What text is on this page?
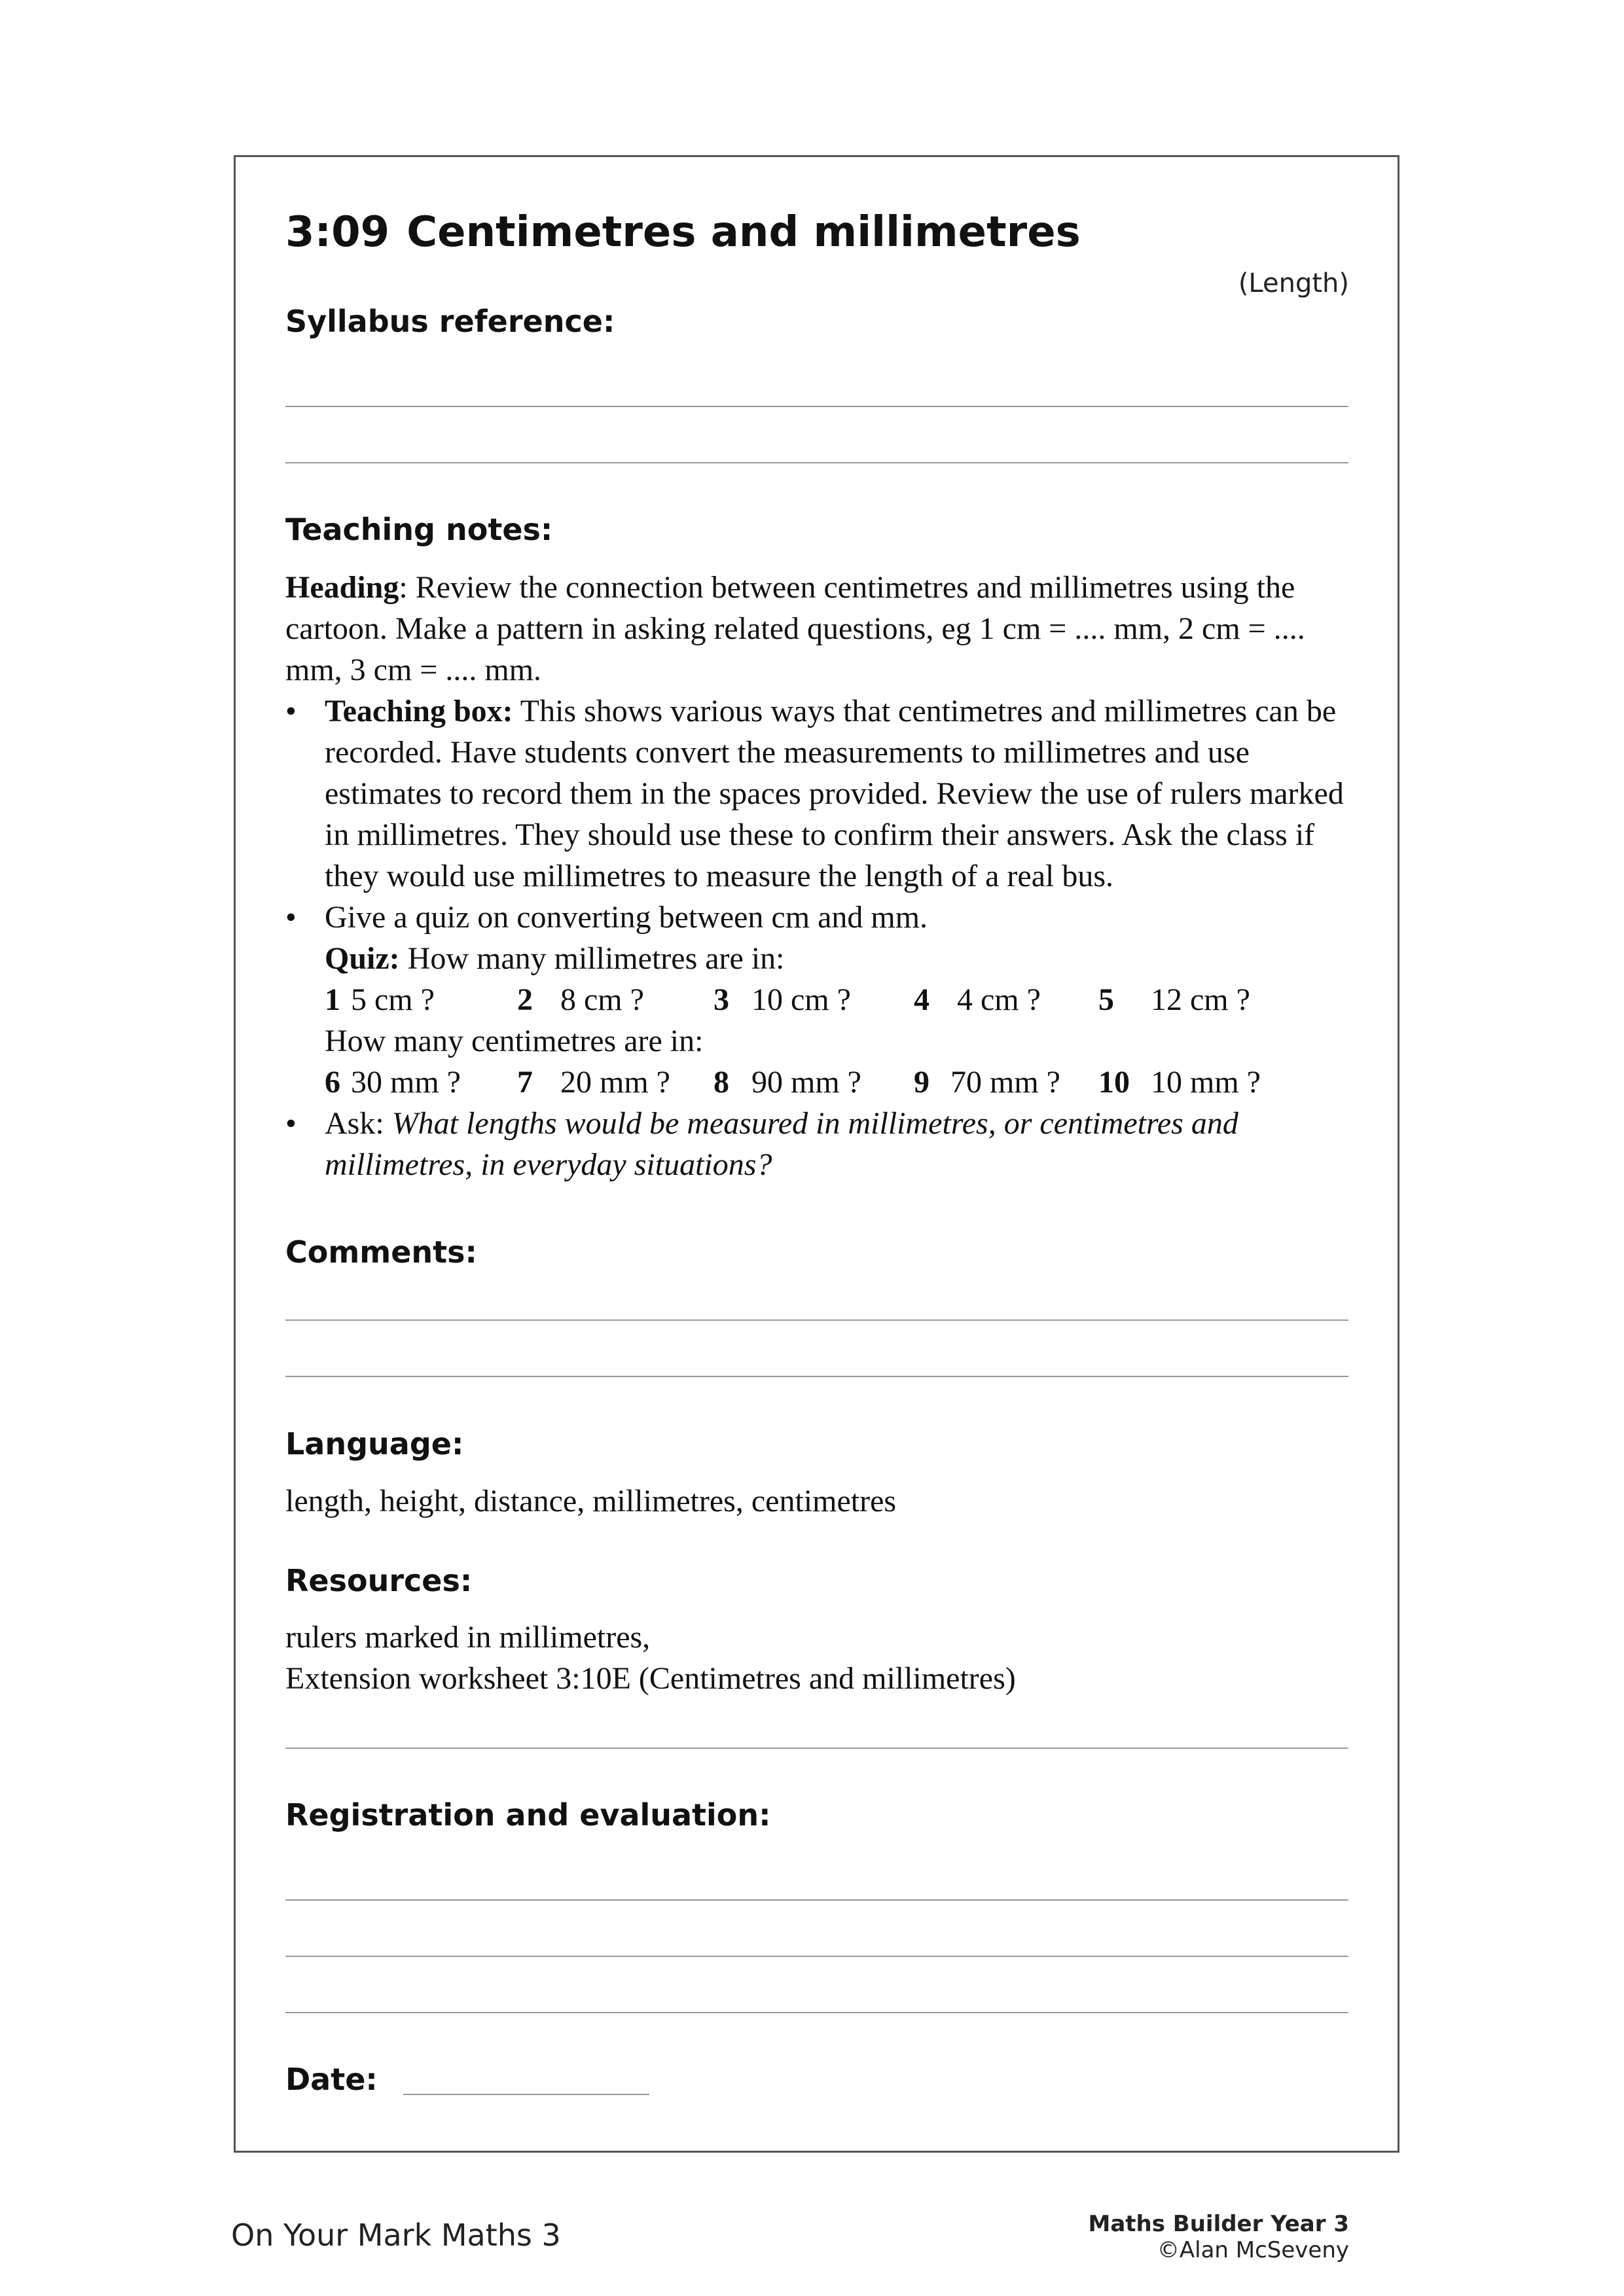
3:09 Centimetres and millimetres
(Length)
Syllabus reference:
Teaching notes:

Heading: Review the connection between centimetres and millimetres using the cartoon. Make a pattern in asking related questions, eg 1 cm = .... mm, 2 cm = .... mm, 3 cm = .... mm.

• Teaching box: This shows various ways that centimetres and millimetres can be recorded. Have students convert the measurements to millimetres and use estimates to record them in the spaces provided. Review the use of rulers marked in millimetres. They should use these to confirm their answers. Ask the class if they would use millimetres to measure the length of a real bus.
• Give a quiz on converting between cm and mm.
Quiz: How many millimetres are in:
1 5 cm ?	2 8 cm ? 3 10 cm ? 4 4 cm ? 5	12 cm ?
How many centimetres are in:
6 30 mm ? 7 20 mm ? 8 90 mm ? 9 70 mm ? 10 10 mm ?
• Ask: What lengths would be measured in millimetres, or centimetres and millimetres, in everyday situations?
Comments:
Language:
length, height, distance, millimetres, centimetres
Resources:
rulers marked in millimetres,
Extension worksheet 3:10E (Centimetres and millimetres)
Registration and evaluation:
Date:
On Your Mark Maths 3	Maths Builder Year 3
©Alan McSeveny
